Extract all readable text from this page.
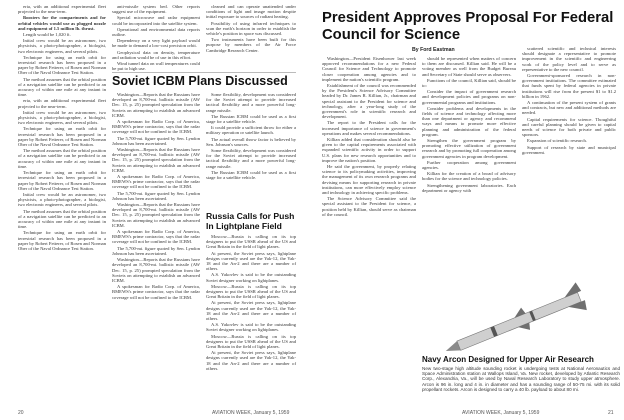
eria, with an additional experimental fleet projected to the near-term.

Boosters for the compartments and for orbital vehicles would use as plugged nozzle and equipment of 1.5 million lb. thrust.

Length would be 1,020 ft.

Initial crew would be an astronomer, two physicists, a photo-photographer, a biologist, two electronic engineers, and several pilots.

Technique for using an earth orbit for terrestrial research has been proposed in a paper by Robert Fetterer, of Rosen and Norman Ober of the Naval Ordnance Test Station.

The method assumes that the orbital position of a navigation satellite can be predicted to an accuracy of within one mile at any instant in time.

eria, with an additional experimental fleet projected to the near-term.

Initial crew would be an astronomer, two physicists, a photo-photographer, a biologist, two electronic engineers, and several pilots.

Technique for using an earth orbit for terrestrial research has been proposed in a paper by Robert Fetterer, of Rosen and Norman Ober of the Naval Ordnance Test Station.

The method assumes that the orbital position of a navigation satellite can be predicted to an accuracy of within one mile at any instant in time.

Technique for using an earth orbit for terrestrial research has been proposed in a paper by Robert Fetterer, of Rosen and Norman Ober of the Naval Ordnance Test Station.

Initial crew would be an astronomer, two physicists, a photo-photographer, a biologist, two electronic engineers, and several pilots.

The method assumes that the orbital position of a navigation satellite can be predicted to an accuracy of within one mile at any instant in time.

Technique for using an earth orbit for terrestrial research has been proposed in a paper by Robert Fetterer, of Rosen and Norman Ober of the Naval Ordnance Test Station.

anti-missile system bed. Other reports suggest use of the equipment.

Special microwave and radar equipment could be incorporated into the satellite system.

Operational and environmental data reports outline.

Dependency on a very light payload would be made to demand a low-cost precision orbit.

Geophysical data on density, temperature and radiation would be of use in this effort.

Wind tunnel data on wall temperatures could be put to high use.

cleaned and can operate unattended under conditions of light and image motion despite initial exposure to sources of radiant heating.

Possibility of using infrared techniques to scan the earth's horizon in order to establish the vehicle's position in space was discussed.

Two instruments have been built for this purpose by members of the Air Force Cambridge Research Center.

Soviet ICBM Plans Discussed

Washington—Reports that the Russians have developed an 8,700-mi. ballistic missile (AW Dec. 15, p. 25) prompted speculation from the Soviets on attempting to establish an advanced ICBM.

A spokesman for Radio Corp. of America, BMEWS's prime contractor, says that the radar coverage will not be confined to the ICBM.

The 5,700-mi. figure quoted by Sen. Lyndon Johnson has been ascertained.

Washington—Reports that the Russians have developed an 8,700-mi. ballistic missile (AW Dec. 15, p. 25) prompted speculation from the Soviets on attempting to establish an advanced ICBM.

A spokesman for Radio Corp. of America, BMEWS's prime contractor, says that the radar coverage will not be confined to the ICBM.

The 5,700-mi. figure quoted by Sen. Lyndon Johnson has been ascertained.

Washington—Reports that the Russians have developed an 8,700-mi. ballistic missile (AW Dec. 15, p. 25) prompted speculation from the Soviets on attempting to establish an advanced ICBM.

A spokesman for Radio Corp. of America, BMEWS's prime contractor, says that the radar coverage will not be confined to the ICBM.

The 5,700-mi. figure quoted by Sen. Lyndon Johnson has been ascertained.

Washington—Reports that the Russians have developed an 8,700-mi. ballistic missile (AW Dec. 15, p. 25) prompted speculation from the Soviets on attempting to establish an advanced ICBM.

A spokesman for Radio Corp. of America, BMEWS's prime contractor, says that the radar coverage will not be confined to the ICBM.

Some flexibility, development was considered for the Soviet attempt to provide increased tactical flexibility and a more powerful long-range missile.

The Russian ICBM could be used as a first stage for a satellite vehicle.

It could provide a sufficient throw for either a military operation or satellite launch.

The actual overall throw factor is believed by Sen. Johnson's sources.

Some flexibility, development was considered for the Soviet attempt to provide increased tactical flexibility and a more powerful long-range missile.

The Russian ICBM could be used as a first stage for a satellite vehicle.

Russia Calls for Push In Lightplane Field

Moscow—Russia is calling on its top designers to put the USSR ahead of the US and Great Britain in the field of light planes.

At present, the Soviet press says, lightplane designs currently used are the Yak-12, the Yak-18 and the An-2 and there are a number of others.

A.S. Yakovlev is said to be the outstanding Soviet designer working on lightplanes.

Moscow—Russia is calling on its top designers to put the USSR ahead of the US and Great Britain in the field of light planes.

At present, the Soviet press says, lightplane designs currently used are the Yak-12, the Yak-18 and the An-2 and there are a number of others.

A.S. Yakovlev is said to be the outstanding Soviet designer working on lightplanes.

Moscow—Russia is calling on its top designers to put the USSR ahead of the US and Great Britain in the field of light planes.

At present, the Soviet press says, lightplane designs currently used are the Yak-12, the Yak-18 and the An-2 and there are a number of others.

20	AVIATION WEEK, January 5, 1959
President Approves Proposal For Federal Council for Science
By Ford Eastman

Washington—President Eisenhower last week approved recommendations for a new Federal Council for Science and Technology to promote closer cooperation among agencies and to implement the nation's scientific program.

Establishment of the council was recommended by the President's Science Advisory Committee headed by Dr. James R. Killian, Jr., chairman and special assistant to the President for science and technology, after a year-long study of the government's role in scientific research and development.

The report to the President calls for the increased importance of science in government's operations and makes several recommendations.

Killian added that consideration should also be given to the capital requirements associated with expanded scientific activity in order to support U.S. plans for new research opportunities and to improve the nation's position.

He said the government, by properly relating science to its policymaking activities, improving the management of its own research programs and devising means for supporting research in private institutions, can more effectively employ science and technology in achieving specific problems.

The Science Advisory Committee said the special assistant to the President for science, a position held by Killian, should serve as chairman of the council.

should be represented when matters of concern to them are discussed. Killian said. He will be a voting member as well from the Budget Bureau and Secretary of State should serve as observers.

Functions of the council, Killian said, should be to:

Consider the impact of government research and development policies and programs on non-governmental programs and institutions.

Consider problems and developments in the fields of science and technology affecting more than one department or agency and recommend ways and means to promote more effective planning and administration of the federal program.

Strengthen the government program by promoting effective utilization of government research and by promoting full cooperation among government agencies in program development.

Further cooperation among government agencies.

Killian for the creation of a broad of advisory bodies for the science and technology policies.

Strengthening government laboratories. Each department or agency with

scattered scientific and technical interests should designate a representative to promote improvement in the scientific and engineering work of the policy level and to serve as representative to the new council.

Government-sponsored research in non-government institutions. The committee estimated that funds spent by federal agencies in private institutions will rise from the present $1 to $1.2 billion in 1962.

A continuation of the present system of grants and contracts, but new and additional methods are needed.

Capital requirements for science. Thoughtful and careful planning should be given to capital needs of science for both private and public sponsors.

Expansion of scientific research.

Support of research by state and municipal government.

Navy Arcon Designed for Upper Air Research
New two-stage high altitude sounding rocket is undergoing tests at National Aeronautics and Space Administration station at Wallops Island, Va. New rocket, developed by Atlantic Research Corp., Alexandria, Va., will be used by Naval Research Laboratory to study upper atmosphere. Arcon is 96 in. long and 4 in. in diameter and has a sounding range of 50-75 mi. with its solid propellant rockets. Arcon is designed to carry a 40 lb. payload to about 80 mi.
AVIATION WEEK, January 5, 1959	21
